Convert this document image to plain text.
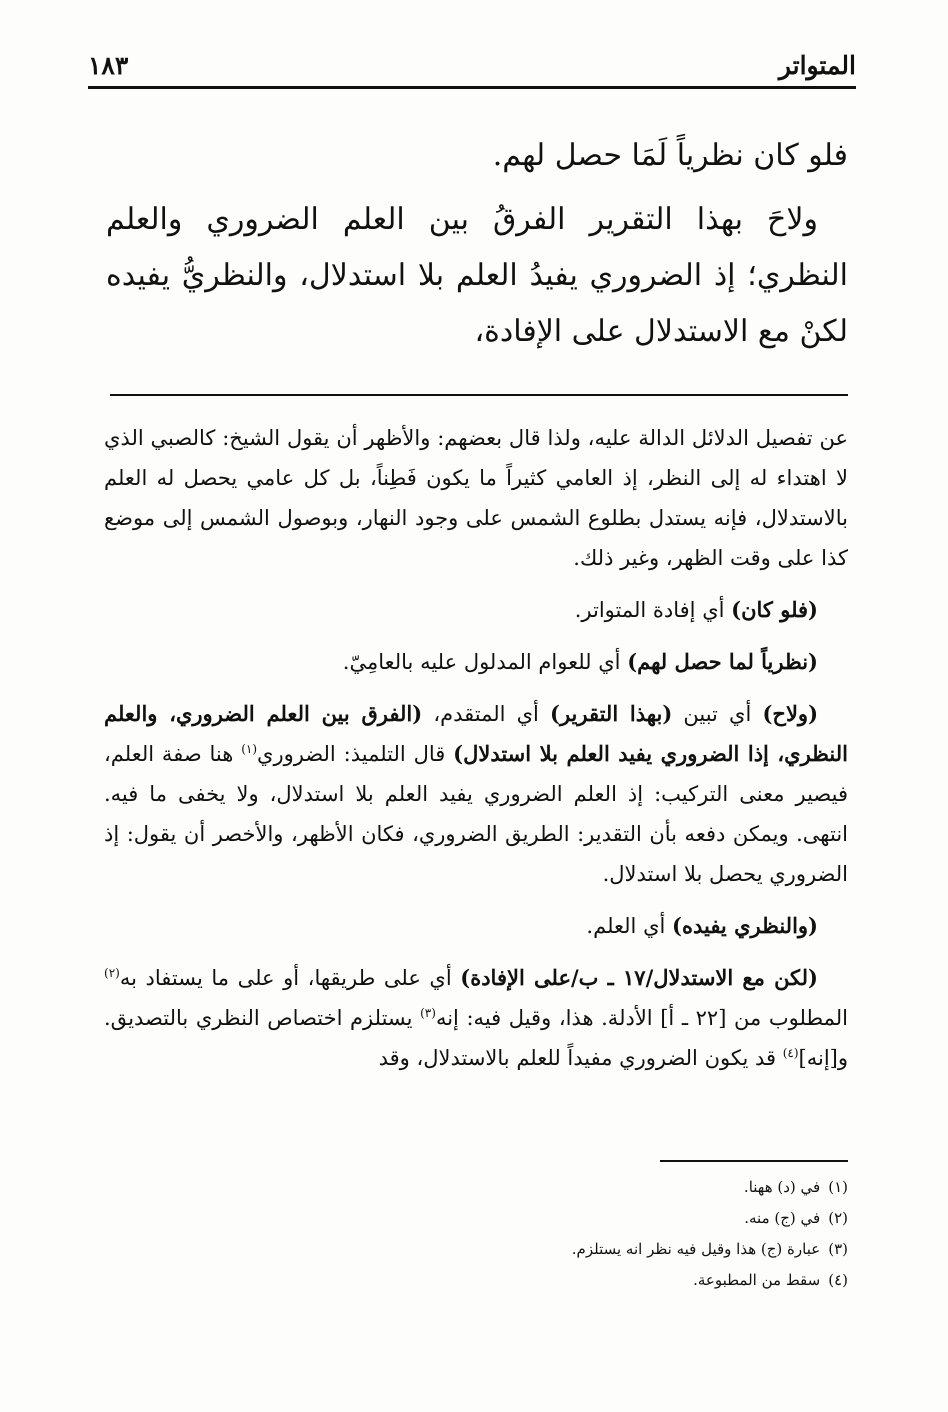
المتواتر
١٨٣

فلو كان نظرياً لَمَا حصل لهم.

ولاحَ بهذا التقرير الفرقُ بين العلم الضروري والعلم النظري؛ إذ الضروري يفيدُ العلم بلا استدلال، والنظريُّ يفيده لكنْ مع الاستدلال على الإفادة،

عن تفصيل الدلائل الدالة عليه، ولذا قال بعضهم: والأظهر أن يقول الشيخ: كالصبي الذي لا اهتداء له إلى النظر، إذ العامي كثيراً ما يكون فَطِناً، بل كل عامي يحصل له العلم بالاستدلال، فإنه يستدل بطلوع الشمس على وجود النهار، وبوصول الشمس إلى موضع كذا على وقت الظهر، وغير ذلك.

(فلو كان) أي إفادة المتواتر.

(نظرياً لما حصل لهم) أي للعوام المدلول عليه بالعامِيّ.

(ولاح) أي تبين (بهذا التقرير) أي المتقدم، (الفرق بين العلم الضروري، والعلم النظري، إذا الضروري يفيد العلم بلا استدلال) قال التلميذ: الضروري$^{(١)}$ هنا صفة العلم، فيصير معنى التركيب: إذ العلم الضروري يفيد العلم بلا استدلال، ولا يخفى ما فيه. انتهى. ويمكن دفعه بأن التقدير: الطريق الضروري، فكان الأظهر، والأخصر أن يقول: إذ الضروري يحصل بلا استدلال.

(والنظري يفيده) أي العلم.

(لكن مع الاستدلال/١٧ ـ ب/على الإفادة) أي على طريقها، أو على ما يستفاد به$^{(٢)}$ المطلوب من [٢٢ ـ أ] الأدلة. هذا، وقيل فيه: إنه$^{(٣)}$ يستلزم اختصاص النظري بالتصديق. و[إنه]$^{(٤)}$ قد يكون الضروري مفيداً للعلم بالاستدلال، وقد

(١)
في (د) ههنا.
(٢)
في (ج) منه.
(٣)
عبارة (ج) هذا وقيل فيه نظر انه يستلزم.
(٤)
سقط من المطبوعة.
